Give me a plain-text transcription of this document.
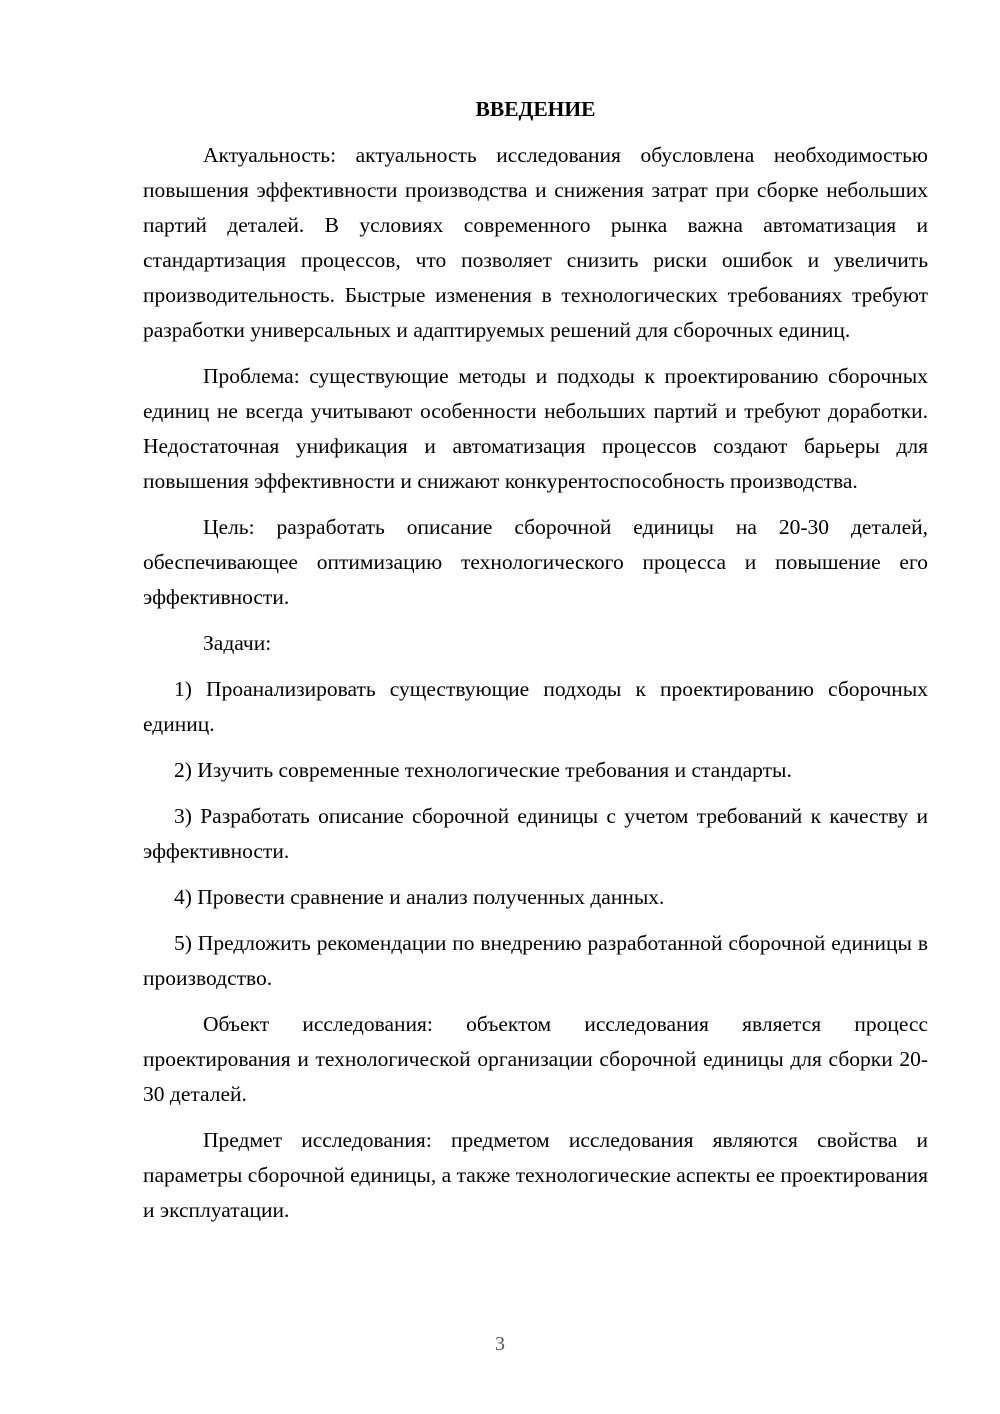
ВВЕДЕНИЕ

Актуальность: актуальность исследования обусловлена необходимостью повышения эффективности производства и снижения затрат при сборке небольших партий деталей. В условиях современного рынка важна автоматизация и стандартизация процессов, что позволяет снизить риски ошибок и увеличить производительность. Быстрые изменения в технологических требованиях требуют разработки универсальных и адаптируемых решений для сборочных единиц.

Проблема: существующие методы и подходы к проектированию сборочных единиц не всегда учитывают особенности небольших партий и требуют доработки. Недостаточная унификация и автоматизация процессов создают барьеры для повышения эффективности и снижают конкурентоспособность производства.

Цель: разработать описание сборочной единицы на 20-30 деталей, обеспечивающее оптимизацию технологического процесса и повышение его эффективности.

Задачи:

1) Проанализировать существующие подходы к проектированию сборочных единиц.

2) Изучить современные технологические требования и стандарты.

3) Разработать описание сборочной единицы с учетом требований к качеству и эффективности.

4) Провести сравнение и анализ полученных данных.

5) Предложить рекомендации по внедрению разработанной сборочной единицы в производство.

Объект исследования: объектом исследования является процесс проектирования и технологической организации сборочной единицы для сборки 20-30 деталей.

Предмет исследования: предметом исследования являются свойства и параметры сборочной единицы, а также технологические аспекты ее проектирования и эксплуатации.

3
